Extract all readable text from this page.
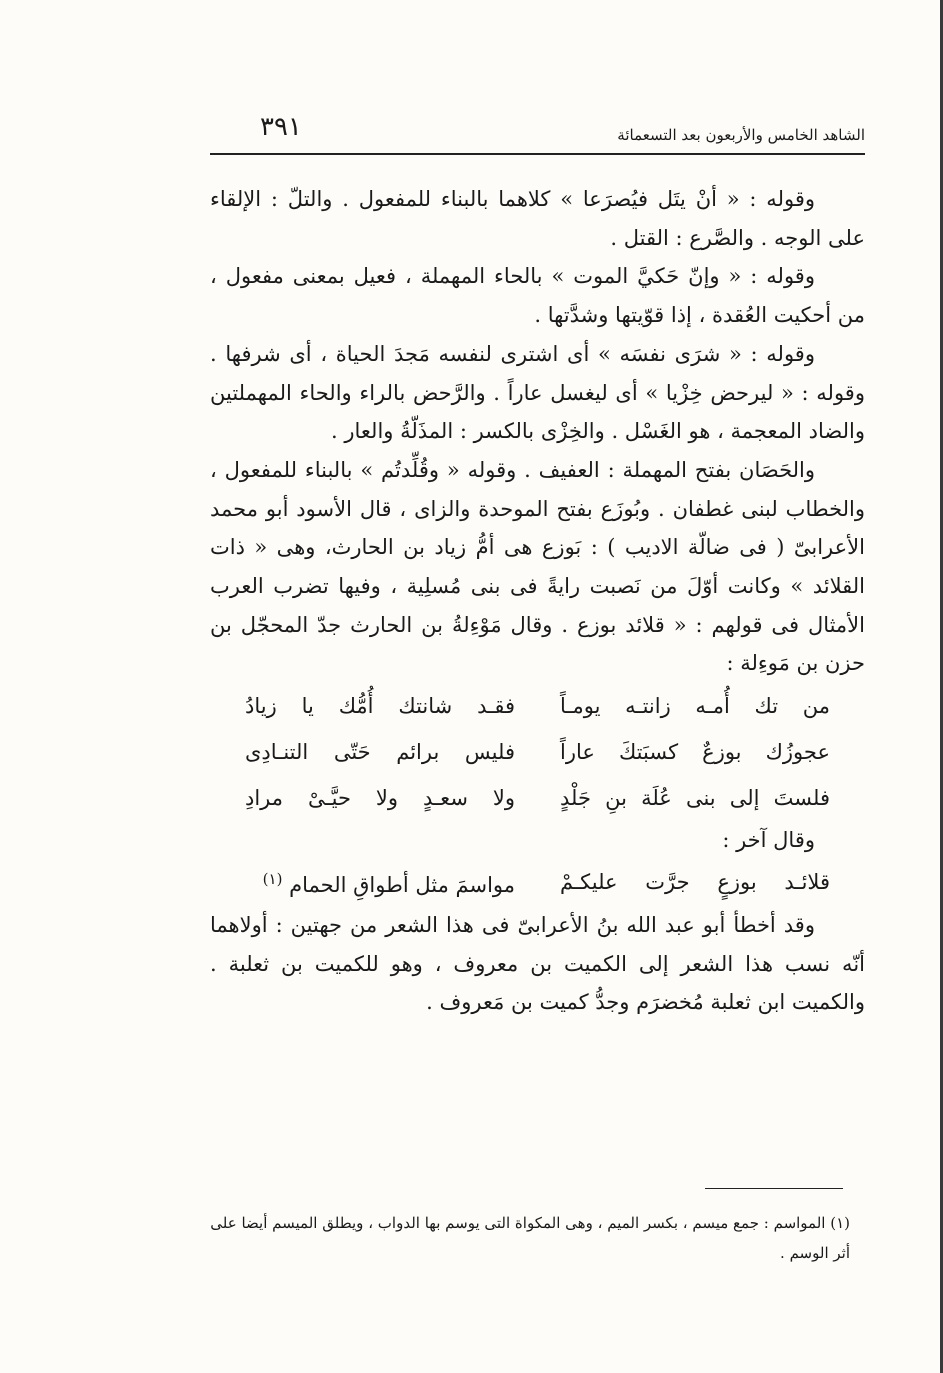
الشاهد الخامس والأربعون بعد التسعمائة
٣٩١

وقوله : « أنْ يتَل فيُصرَعا » كلاهما بالبناء للمفعول . والتلّ : الإلقاء على الوجه . والصَّرع : القتل .

وقوله : « وإنّ حَكيَّ الموت » بالحاء المهملة ، فعيل بمعنى مفعول ، من أحكيت العُقدة ، إذا قوّيتها وشدَّتها .

وقوله : « شرَى نفسَه » أى اشترى لنفسه مَجدَ الحياة ، أى شرفها . وقوله : « ليرحض خِزْيا » أى ليغسل عاراً . والرَّحض بالراء والحاء المهملتين والضاد المعجمة ، هو الغَسْل . والخِزْى بالكسر : المذَلّةُ والعار .

والحَصَان بفتح المهملة : العفيف . وقوله « وقُلِّدتُم » بالبناء للمفعول ، والخطاب لبنى غطفان . وبُوزَع بفتح الموحدة والزاى ، قال الأسود أبو محمد الأعرابىّ ( فى ضالّة الاديب ) : بَوزع هى أمُّ زياد بن الحارث، وهى « ذات القلائد » وكانت أوّلَ من نَصبت رايةً فى بنى مُسلِية ، وفيها تضرب العرب الأمثال فى قولهم : « قلائد بوزع . وقال مَوْءِلةُ بن الحارث جدّ المحجّل بن حزن بن مَوءِلة :

من تك أُمـه زانتـه يومـاً
فقـد شانتك أُمُّك يا زيادُ
عجوزُك بوزعٌ كسبَتكَ عاراً
فليس برائم حَتّى التنـادِى
فلستَ إلى بنى عُلَة بنِ جَلْدٍ
ولا سعـدٍ ولا حيَّـىْ مرادِ

وقال آخر :

قلائـد بوزعٍ جرَّت عليكـمْ
مواسمَ مثل أطواقِ الحمام $^{(١)}$

وقد أخطأ أبو عبد الله بنُ الأعرابىّ فى هذا الشعر من جهتين : أولاهما أنّه نسب هذا الشعر إلى الكميت بن معروف ، وهو للكميت بن ثعلبة . والكميت ابن ثعلبة مُخضرَم وجدُّ كميت بن مَعروف .

(١) المواسم : جمع ميسم ، بكسر الميم ، وهى المكواة التى يوسم بها الدواب ، ويطلق الميسم أيضا على أثر الوسم .
